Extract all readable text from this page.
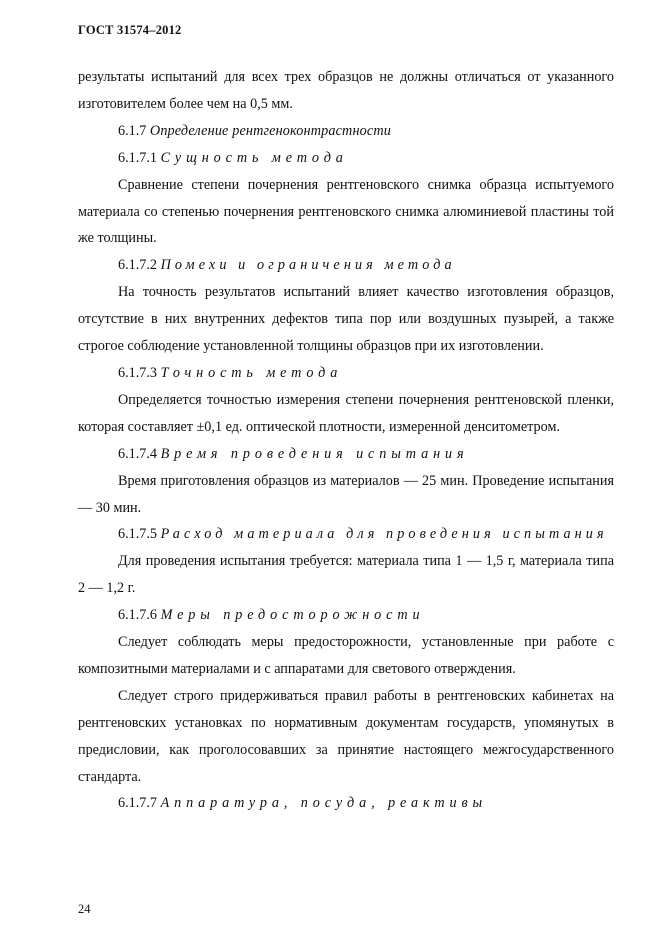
ГОСТ 31574–2012

результаты испытаний для всех трех образцов не должны отличаться от указанного изготовителем более чем на 0,5 мм.

6.1.7 Определение рентгеноконтрастности

6.1.7.1 Сущность метода

Сравнение степени почернения рентгеновского снимка образца испытуемого материала со степенью почернения рентгеновского снимка алюминиевой пластины той же толщины.

6.1.7.2 Помехи и ограничения метода

На точность результатов испытаний влияет качество изготовления образцов, отсутствие в них внутренних дефектов типа пор или воздушных пузырей, а также строгое соблюдение установленной толщины образцов при их изготовлении.

6.1.7.3 Точность метода

Определяется точностью измерения степени почернения рентгеновской пленки, которая составляет ±0,1 ед. оптической плотности, измеренной денситометром.

6.1.7.4 Время проведения испытания

Время приготовления образцов из материалов — 25 мин. Проведение испытания — 30 мин.

6.1.7.5 Расход материала для проведения испытания

Для проведения испытания требуется: материала типа 1 — 1,5 г, материала типа 2 — 1,2 г.

6.1.7.6 Меры предосторожности

Следует соблюдать меры предосторожности, установленные при работе с композитными материалами и с аппаратами для светового отверждения.

Следует строго придерживаться правил работы в рентгеновских кабинетах на рентгеновских установках по нормативным документам государств, упомянутых в предисловии, как проголосовавших за принятие настоящего межгосударственного стандарта.

6.1.7.7 Аппаратура, посуда, реактивы

24
